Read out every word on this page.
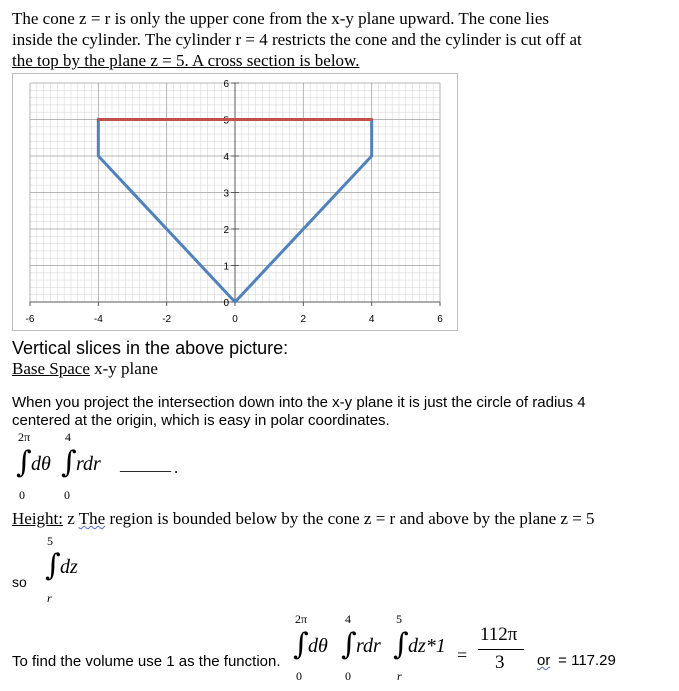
The cone z = r is only the upper cone from the x-y plane upward. The cone lies
inside the cylinder. The cylinder r = 4 restricts the cone and the cylinder is cut off at
the top by the plane z = 5. A cross section is below.
-6	-4	-2	0	2	4	6
0
1
2
3
4
5
6
Vertical slices in the above picture:
Base Space x-y plane
When you project the intersection down into the x-y plane it is just the circle of radius 4
centered at the origin, which is easy in polar coordinates.
2π	4
∫ dθ ∫ rdr ______ .
0	0
Height: z The region is bounded below by the cone z = r and above by the plane z = 5
5
∫ dz
so
r
To find the volume use 1 as the function.
2π	4	5
∫ dθ ∫ rdr ∫ dz*1 =
0	0	r
112π
3 or = 117.29
